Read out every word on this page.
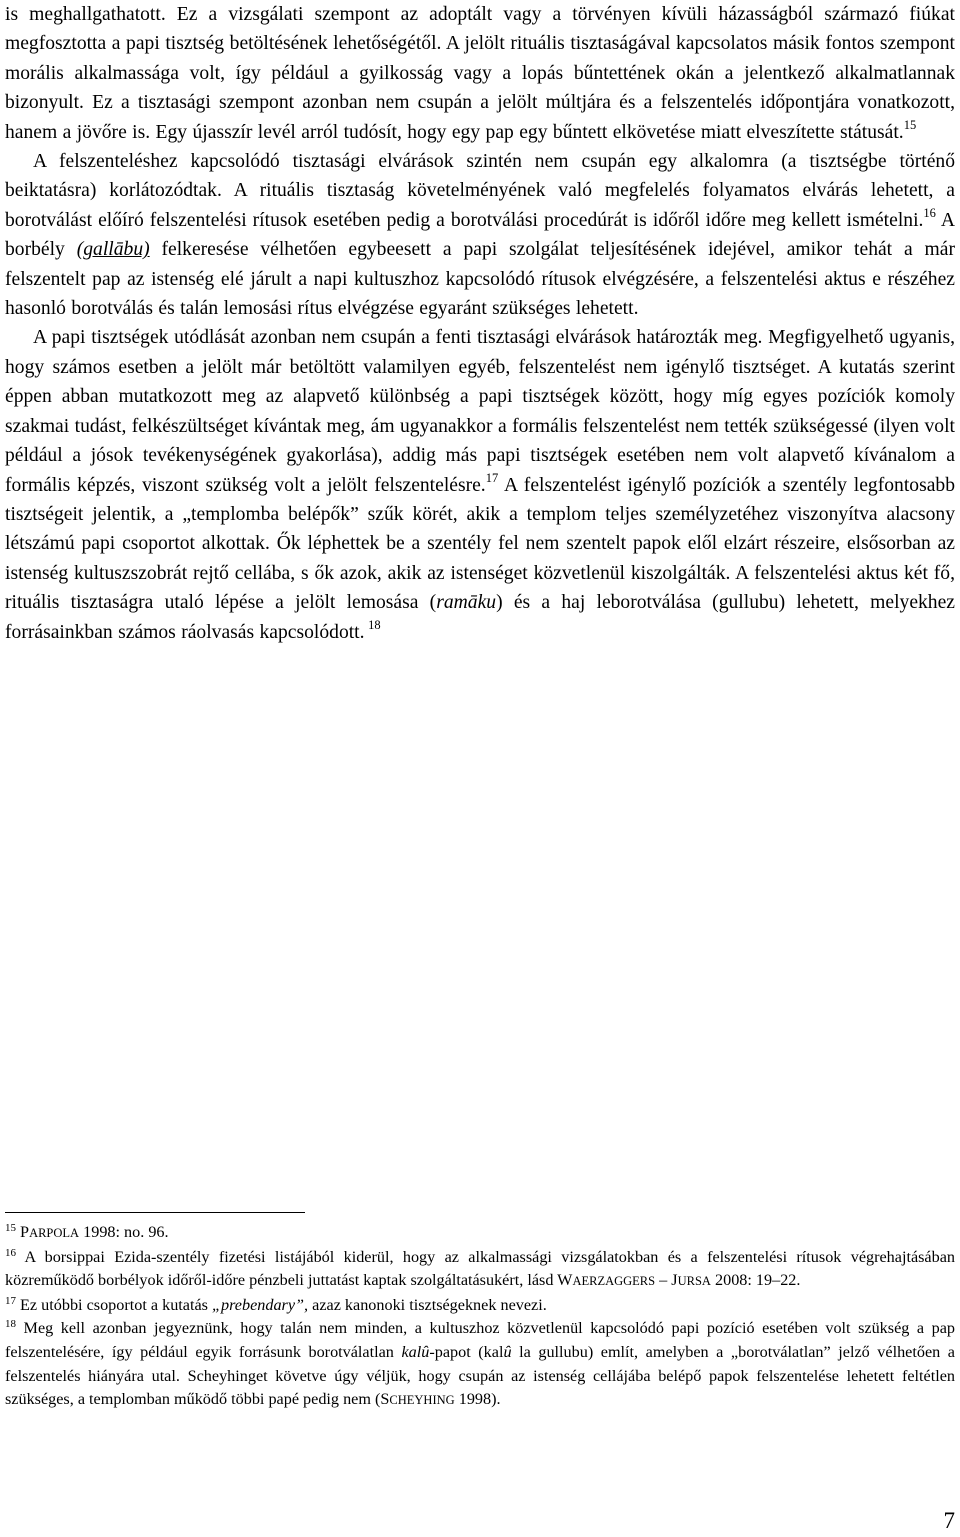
is meghallgathatott. Ez a vizsgálati szempont az adoptált vagy a törvényen kívüli házasságból származó fiúkat megfosztotta a papi tisztség betöltésének lehetőségétől. A jelölt rituális tisztaságával kapcsolatos másik fontos szempont morális alkalmassága volt, így például a gyilkosság vagy a lopás bűntettének okán a jelentkező alkalmatlannak bizonyult. Ez a tisztasági szempont azonban nem csupán a jelölt múltjára és a felszentelés időpontjára vonatkozott, hanem a jövőre is. Egy újasszír levél arról tudósít, hogy egy pap egy bűntett elkövetése miatt elveszítette státusát.$^{15}$

A felszenteléshez kapcsolódó tisztasági elvárások szintén nem csupán egy alkalomra (a tisztségbe történő beiktatásra) korlátozódtak. A rituális tisztaság követelményének való megfelelés folyamatos elvárás lehetett, a borotválást előíró felszentelési rítusok esetében pedig a borotválási procedúrát is időről időre meg kellett ismételni.$^{16}$ A borbély (gallābu) felkeresése vélhetően egybeesett a papi szolgálat teljesítésének idejével, amikor tehát a már felszentelt pap az istenség elé járult a napi kultuszhoz kapcsolódó rítusok elvégzésére, a felszentelési aktus e részéhez hasonló borotválás és talán lemosási rítus elvégzése egyaránt szükséges lehetett.

A papi tisztségek utódlását azonban nem csupán a fenti tisztasági elvárások határozták meg. Megfigyelhető ugyanis, hogy számos esetben a jelölt már betöltött valamilyen egyéb, felszentelést nem igénylő tisztséget. A kutatás szerint éppen abban mutatkozott meg az alapvető különbség a papi tisztségek között, hogy míg egyes pozíciók komoly szakmai tudást, felkészültséget kívántak meg, ám ugyanakkor a formális felszentelést nem tették szükségessé (ilyen volt például a jósok tevékenységének gyakorlása), addig más papi tisztségek esetében nem volt alapvető kívánalom a formális képzés, viszont szükség volt a jelölt felszentelésre.$^{17}$ A felszentelést igénylő pozíciók a szentély legfontosabb tisztségeit jelentik, a „templomba belépők” szűk körét, akik a templom teljes személyzetéhez viszonyítva alacsony létszámú papi csoportot alkottak. Ők léphettek be a szentély fel nem szentelt papok elől elzárt részeire, elsősorban az istenség kultuszszobrát rejtő cellába, s ők azok, akik az istenséget közvetlenül kiszolgálták. A felszentelési aktus két fő, rituális tisztaságra utaló lépése a jelölt lemosása (ramāku) és a haj leborotválása (gullubu) lehetett, melyekhez forrásainkban számos ráolvasás kapcsolódott. $^{18}$

$^{15}$ PARPOLA 1998: no. 96.

$^{16}$ A borsippai Ezida-szentély fizetési listájából kiderül, hogy az alkalmassági vizsgálatokban és a felszentelési rítusok végrehajtásában közreműködő borbélyok időről-időre pénzbeli juttatást kaptak szolgáltatásukért, lásd WAERZAGGERS – JURSA 2008: 19–22.

$^{17}$ Ez utóbbi csoportot a kutatás „prebendary”, azaz kanonoki tisztségeknek nevezi.

$^{18}$ Meg kell azonban jegyeznünk, hogy talán nem minden, a kultuszhoz közvetlenül kapcsolódó papi pozíció esetében volt szükség a pap felszentelésére, így például egyik forrásunk borotválatlan kalû-papot (kalû la gullubu) említ, amelyben a „borotválatlan” jelző vélhetően a felszentelés hiányára utal. Scheyhinget követve úgy véljük, hogy csupán az istenség cellájába belépő papok felszentelése lehetett feltétlen szükséges, a templomban működő többi papé pedig nem (SCHEYHING 1998).

7
